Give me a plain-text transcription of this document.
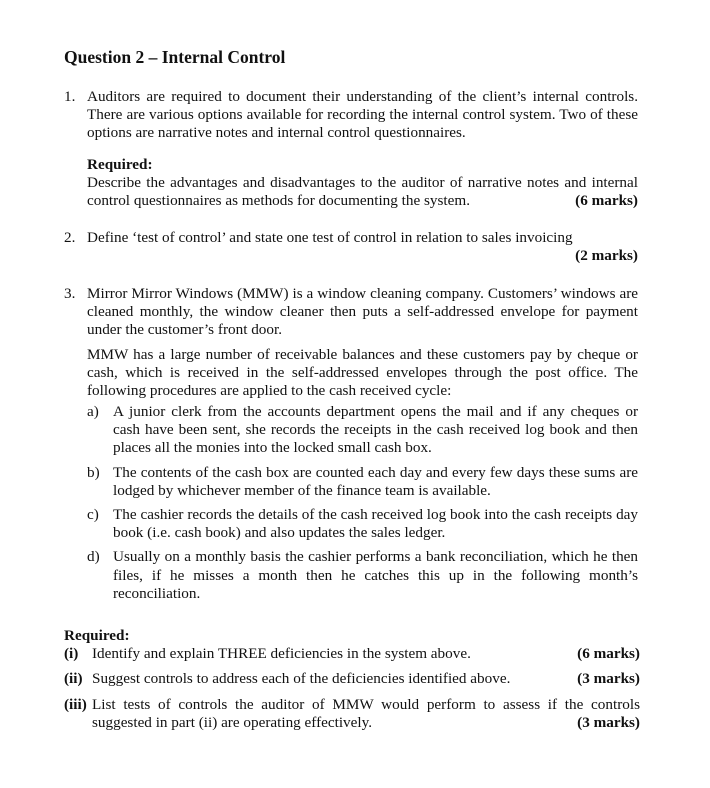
Question 2 – Internal Control
1. Auditors are required to document their understanding of the client’s internal controls. There are various options available for recording the internal control system. Two of these options are narrative notes and internal control questionnaires.

Required:

Describe the advantages and disadvantages to the auditor of narrative notes and internal control questionnaires as methods for documenting the system.	(6 marks)

2. Define ‘test of control’ and state one test of control in relation to sales invoicing

(2 marks)
3. Mirror Mirror Windows (MMW) is a window cleaning company. Customers’ windows are cleaned monthly, the window cleaner then puts a self-addressed envelope for payment under the customer’s front door.

MMW has a large number of receivable balances and these customers pay by cheque or cash, which is received in the self-addressed envelopes through the post office. The following procedures are applied to the cash received cycle:

a) A junior clerk from the accounts department opens the mail and if any cheques or cash have been sent, she records the receipts in the cash received log book and then places all the monies into the locked small cash box.
b) The contents of the cash box are counted each day and every few days these sums are lodged by whichever member of the finance team is available.
c) The cashier records the details of the cash received log book into the cash receipts day book (i.e. cash book) and also updates the sales ledger.
d) Usually on a monthly basis the cashier performs a bank reconciliation, which he then files, if he misses a month then he catches this up in the following month’s reconciliation.
Required:
(i) Identify and explain THREE deficiencies in the system above.	(6 marks)
(ii) Suggest controls to address each of the deficiencies identified above.	(3 marks)
(iii) List tests of controls the auditor of MMW would perform to assess if the controls suggested in part (ii) are operating effectively.	(3 marks)
